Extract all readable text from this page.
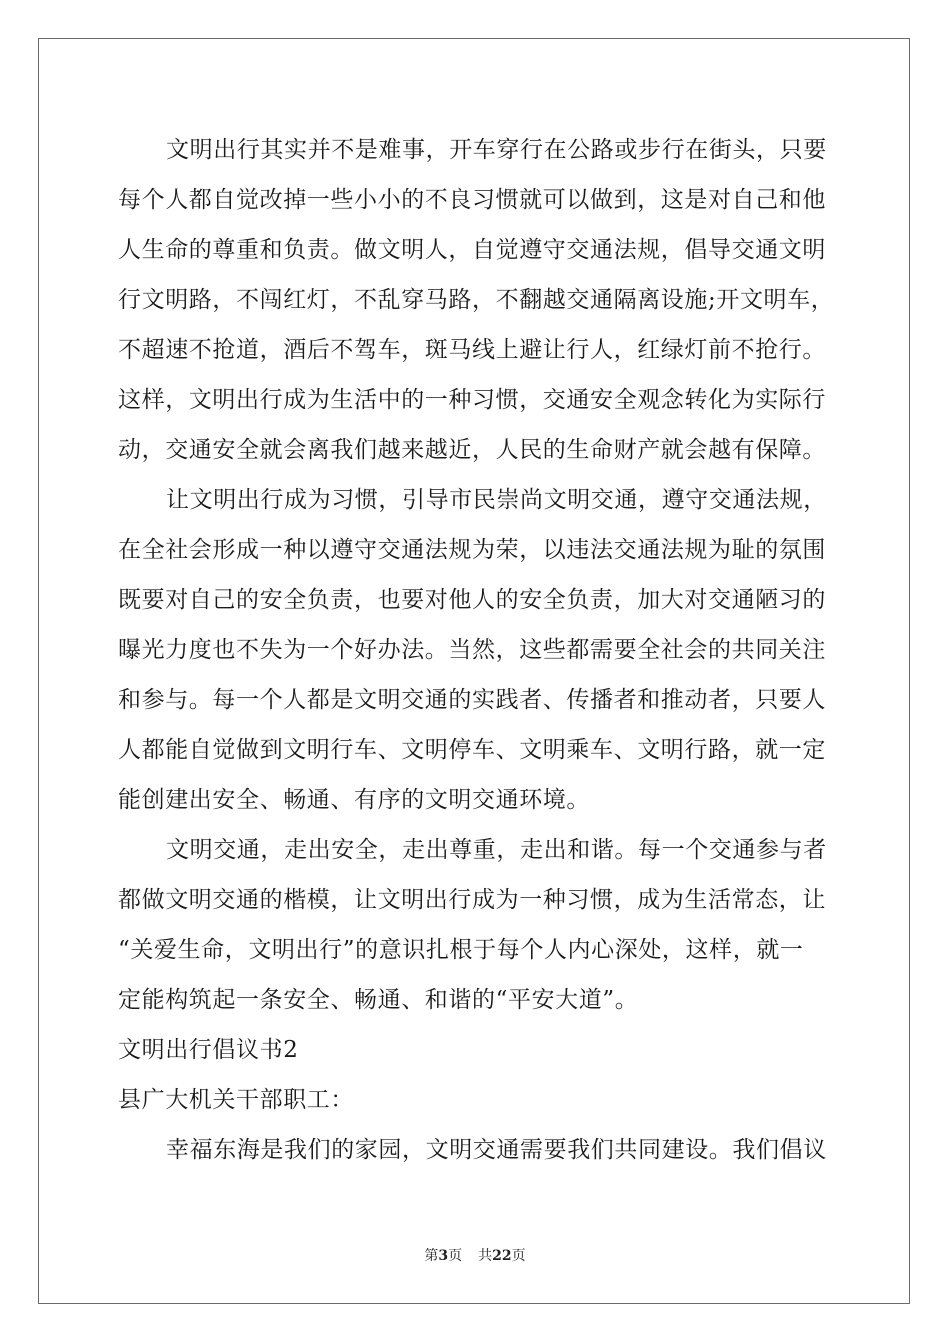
文明出行其实并不是难事，开车穿行在公路或步行在街头，只要
每个人都自觉改掉一些小小的不良习惯就可以做到，这是对自己和他
人生命的尊重和负责。做文明人，自觉遵守交通法规，倡导交通文明
行文明路，不闯红灯，不乱穿马路，不翻越交通隔离设施;开文明车，
不超速不抢道，酒后不驾车，斑马线上避让行人，红绿灯前不抢行。
这样，文明出行成为生活中的一种习惯，交通安全观念转化为实际行
动，交通安全就会离我们越来越近，人民的生命财产就会越有保障。
让文明出行成为习惯，引导市民崇尚文明交通，遵守交通法规，
在全社会形成一种以遵守交通法规为荣，以违法交通法规为耻的氛围
既要对自己的安全负责，也要对他人的安全负责，加大对交通陋习的
曝光力度也不失为一个好办法。当然，这些都需要全社会的共同关注
和参与。每一个人都是文明交通的实践者、传播者和推动者，只要人
人都能自觉做到文明行车、文明停车、文明乘车、文明行路，就一定
能创建出安全、畅通、有序的文明交通环境。
文明交通，走出安全，走出尊重，走出和谐。每一个交通参与者
都做文明交通的楷模，让文明出行成为一种习惯，成为生活常态，让
“关爱生命，文明出行”的意识扎根于每个人内心深处，这样，就一
定能构筑起一条安全、畅通、和谐的“平安大道”。
文明出行倡议书2
县广大机关干部职工：
幸福东海是我们的家园，文明交通需要我们共同建设。我们倡议
第3页 共22页
